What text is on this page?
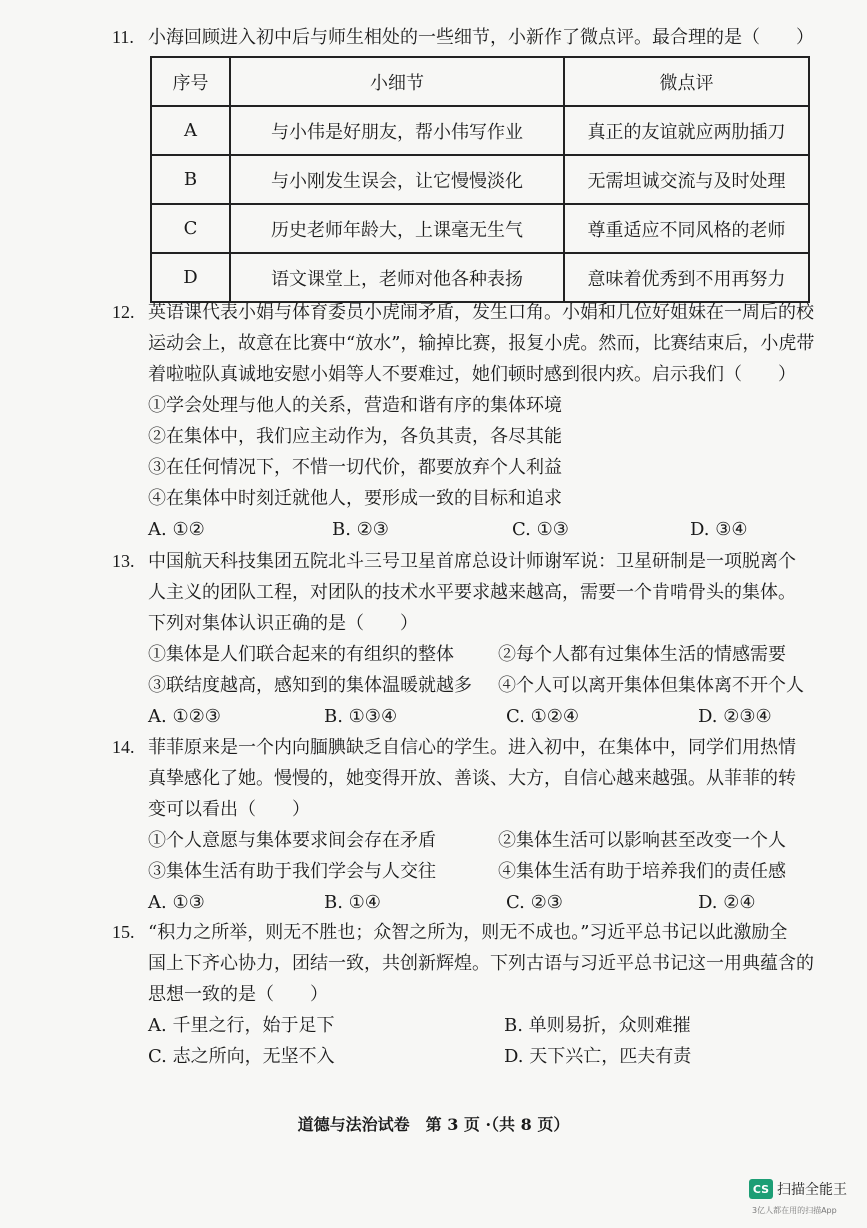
11. 小海回顾进入初中后与师生相处的一些细节，小新作了微点评。最合理的是（　　）
序号	小细节	微点评
A	与小伟是好朋友，帮小伟写作业	真正的友谊就应两肋插刀
B	与小刚发生误会，让它慢慢淡化	无需坦诚交流与及时处理
C	历史老师年龄大，上课毫无生气	尊重适应不同风格的老师
D	语文课堂上，老师对他各种表扬	意味着优秀到不用再努力
12. 英语课代表小娟与体育委员小虎闹矛盾，发生口角。小娟和几位好姐妹在一周后的校
运动会上，故意在比赛中“放水”，输掉比赛，报复小虎。然而，比赛结束后，小虎带
着啦啦队真诚地安慰小娟等人不要难过，她们顿时感到很内疚。启示我们（　　）
①学会处理与他人的关系，营造和谐有序的集体环境
②在集体中，我们应主动作为，各负其责，各尽其能
③在任何情况下，不惜一切代价，都要放弃个人利益
④在集体中时刻迁就他人，要形成一致的目标和追求
A. ①②	B. ②③	C. ①③	D. ③④
13. 中国航天科技集团五院北斗三号卫星首席总设计师谢军说：卫星研制是一项脱离个
人主义的团队工程，对团队的技术水平要求越来越高，需要一个肯啃骨头的集体。
下列对集体认识正确的是（　　）
①集体是人们联合起来的有组织的整体 ②每个人都有过集体生活的情感需要
③联结度越高，感知到的集体温暖就越多 ④个人可以离开集体但集体离不开个人
A. ①②③	B. ①③④	C. ①②④	D. ②③④
14. 菲菲原来是一个内向腼腆缺乏自信心的学生。进入初中，在集体中，同学们用热情
真挚感化了她。慢慢的，她变得开放、善谈、大方，自信心越来越强。从菲菲的转
变可以看出（　　）
①个人意愿与集体要求间会存在矛盾	②集体生活可以影响甚至改变一个人
③集体生活有助于我们学会与人交往	④集体生活有助于培养我们的责任感
A. ①③	B. ①④	C. ②③	D. ②④
15. “积力之所举，则无不胜也；众智之所为，则无不成也。”习近平总书记以此激励全
国上下齐心协力，团结一致，共创新辉煌。下列古语与习近平总书记这一用典蕴含的
思想一致的是（　　）
A. 千里之行，始于足下	B. 单则易折，众则难摧
C. 志之所向，无坚不入	D. 天下兴亡，匹夫有责
道德与法治试卷　第 3 页 ·（共 8 页）
CS 扫描全能王
3亿人都在用的扫描App
